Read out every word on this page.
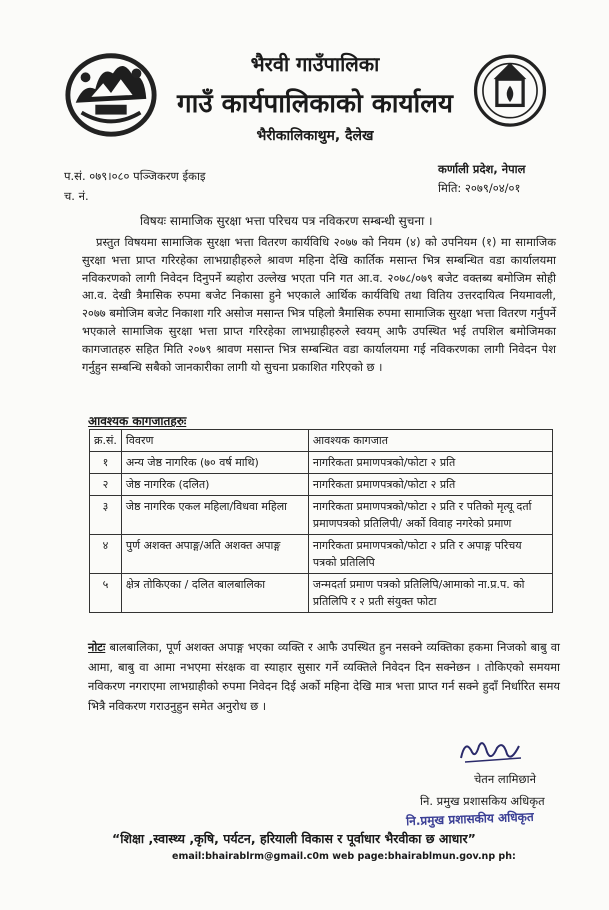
भैरवी गाउँपालिका
गाउँ कार्यपालिकाको कार्यालय
भैरीकालिकाथुम, दैलेख
प.सं. ०७९।०८० पञ्जिकरण ईकाइ
च. नं.
कर्णाली प्रदेश, नेपाल
मिति: २०७९/०४/०१
विषयः सामाजिक सुरक्षा भत्ता परिचय पत्र नविकरण सम्बन्धी सुचना ।

प्रस्तुत विषयमा सामाजिक सुरक्षा भत्ता वितरण कार्यविधि २०७७ को नियम (४) को उपनियम (१) मा सामाजिक सुरक्षा भत्ता प्राप्त गरिरहेका लाभग्राहीहरुले श्रावण महिना देखि कार्तिक मसान्त भित्र सम्बन्धित वडा कार्यालयमा नविकरणको लागी निवेदन दिनुपर्ने ब्यहोरा उल्लेख भएता पनि गत आ.व. २०७८/०७९ बजेट वक्तब्य बमोजिम सोही आ.व. देखी त्रैमासिक रुपमा बजेट निकासा हुने भएकाले आर्थिक कार्यविधि तथा वितिय उत्तरदायित्व नियमावली, २०७७ बमोजिम बजेट निकाशा गरि असोज मसान्त भित्र पहिलो त्रैमासिक रुपमा सामाजिक सुरक्षा भत्ता वितरण गर्नुपर्ने भएकाले सामाजिक सुरक्षा भत्ता प्राप्त गरिरहेका लाभग्राहीहरुले स्वयम् आफै उपस्थित भई तपशिल बमोजिमका कागजातहरु सहित मिति २०७९ श्रावण मसान्त भित्र सम्बन्धित वडा कार्यालयमा गई नविकरणका लागी निवेदन पेश गर्नुहुन सम्बन्धि सबैको जानकारीका लागी यो सुचना प्रकाशित गरिएको छ ।

आवश्यक कागजातहरुः
क्र.सं.	विवरण	आवश्यक कागजात
१	अन्य जेष्ठ नागरिक (७० वर्ष माथि)	नागरिकता प्रमाणपत्रको/फोटा २ प्रति
२	जेष्ठ नागरिक (दलित)	नागरिकता प्रमाणपत्रको/फोटा २ प्रति
३	जेष्ठ नागरिक एकल महिला/विधवा महिला	नागरिकता प्रमाणपत्रको/फोटा २ प्रति र पतिको मृत्यू दर्ता प्रमाणपत्रको प्रतिलिपी/ अर्को विवाह नगरेको प्रमाण
४	पुर्ण अशक्त अपाङ्ग/अति अशक्त अपाङ्ग	नागरिकता प्रमाणपत्रको/फोटा २ प्रति र अपाङ्ग परिचय पत्रको प्रतिलिपि
५	क्षेत्र तोकिएका / दलित बालबालिका	जन्मदर्ता प्रमाण पत्रको प्रतिलिपि/आमाको ना.प्र.प. को प्रतिलिपि र २ प्रती संयुक्त फोटा
नोटः बालबालिका, पूर्ण अशक्त अपाङ्ग भएका व्यक्ति र आफै उपस्थित हुन नसक्ने व्यक्तिका हकमा निजको बाबु वा आमा, बाबु वा आमा नभएमा संरक्षक वा स्याहार सुसार गर्ने व्यक्तिले निवेदन दिन सक्नेछन । तोकिएको समयमा नविकरण नगराएमा लाभग्राहीको रुपमा निवेदन दिई अर्को महिना देखि मात्र भत्ता प्राप्त गर्न सक्ने हुदाँ निर्धारित समय भित्रै नविकरण गराउनुहुन समेत अनुरोध छ ।
चेतन लामिछाने
नि. प्रमुख प्रशासकिय अधिकृत
नि.प्रमुख प्रशासकीय अधिकृत
“शिक्षा ,स्वास्थ्य ,कृषि, पर्यटन, हरियाली विकास र पूर्वाधार भैरवीका छ आधार”
email:bhairablrm@gmail.c0m web page:bhairablmun.gov.np ph:
